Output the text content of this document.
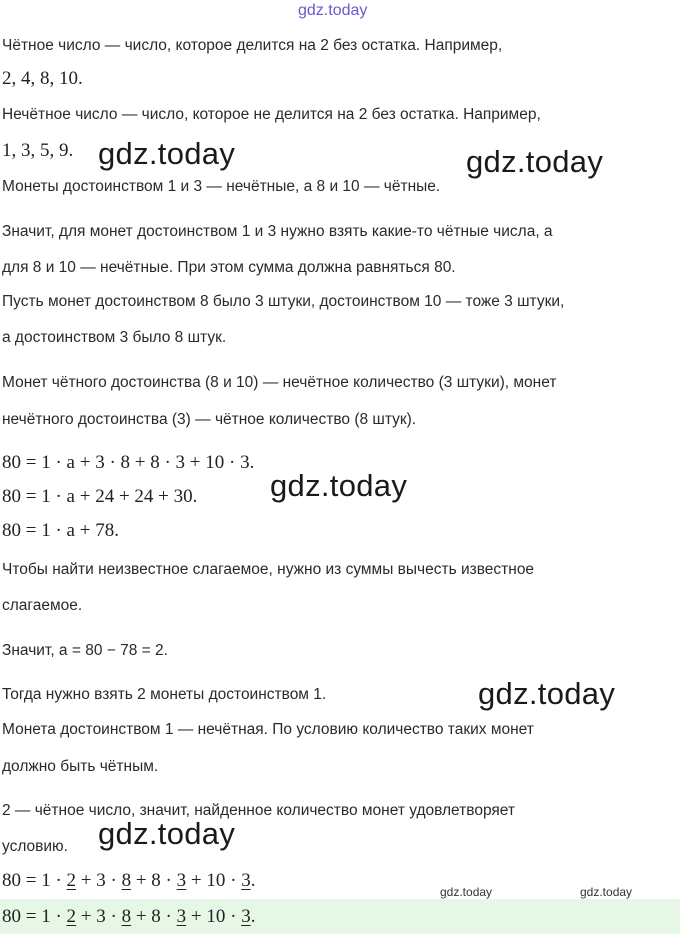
gdz.today
Чётное число — число, которое делится на 2 без остатка. Например,
2, 4, 8, 10.
Нечётное число — число, которое не делится на 2 без остатка. Например,
1, 3, 5, 9.
Монеты достоинством 1 и 3 — нечётные, а 8 и 10 — чётные.
Значит, для монет достоинством 1 и 3 нужно взять какие-то чётные числа, а
для 8 и 10 — нечётные. При этом сумма должна равняться 80.
Пусть монет достоинством 8 было 3 штуки, достоинством 10 — тоже 3 штуки,
а достоинством 3 было 8 штук.
Монет чётного достоинства (8 и 10) — нечётное количество (3 штуки), монет
нечётного достоинства (3) — чётное количество (8 штук).
80 = 1 · a + 3 · 8 + 8 · 3 + 10 · 3.
80 = 1 · a + 24 + 24 + 30.
80 = 1 · a + 78.
Чтобы найти неизвестное слагаемое, нужно из суммы вычесть известное
слагаемое.
Значит, a = 80 − 78 = 2.
Тогда нужно взять 2 монеты достоинством 1.
Монета достоинством 1 — нечётная. По условию количество таких монет
должно быть чётным.
2 — чётное число, значит, найденное количество монет удовлетворяет
условию.
80 = 1 · 2 + 3 · 8 + 8 · 3 + 10 · 3.
80 = 1 · 2 + 3 · 8 + 8 · 3 + 10 · 3.
gdz.today	gdz.today
gdz.today
gdz.today
gdz.today
gdz.today	gdz.today
